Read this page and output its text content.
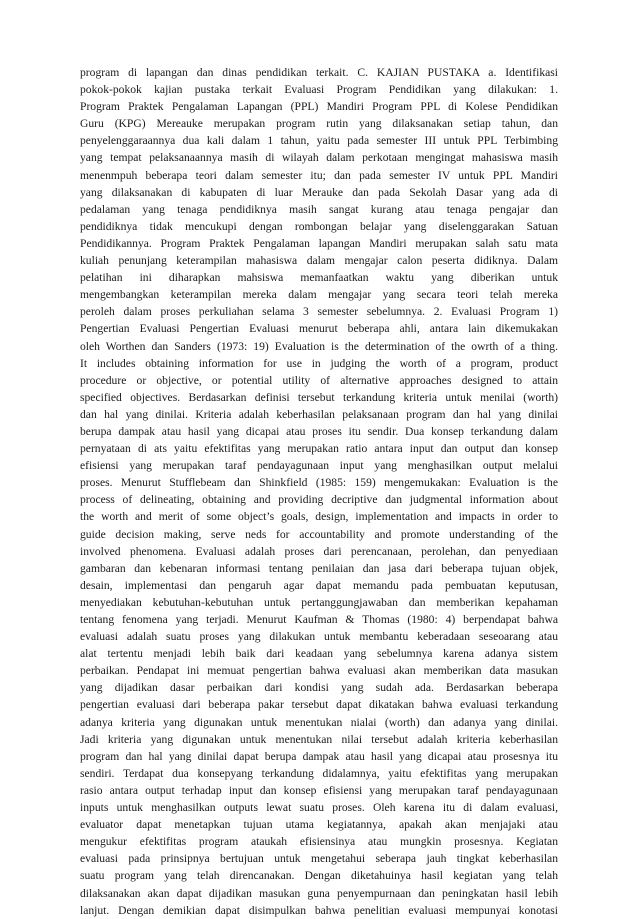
program di lapangan dan dinas pendidikan terkait. C. KAJIAN PUSTAKA a. Identifikasi
pokok-pokok kajian pustaka terkait Evaluasi Program Pendidikan yang dilakukan: 1.
Program Praktek Pengalaman Lapangan (PPL) Mandiri Program PPL di Kolese Pendidikan
Guru (KPG) Mereauke merupakan program rutin yang dilaksanakan setiap tahun, dan
penyelenggaraannya dua kali dalam 1 tahun, yaitu pada semester III untuk PPL Terbimbing
yang tempat pelaksanaannya masih di wilayah dalam perkotaan mengingat mahasiswa masih
menenmpuh beberapa teori dalam semester itu; dan pada semester IV untuk PPL Mandiri
yang dilaksanakan di kabupaten di luar Merauke dan pada Sekolah Dasar yang ada di
pedalaman yang tenaga pendidiknya masih sangat kurang atau tenaga pengajar dan
pendidiknya tidak mencukupi dengan rombongan belajar yang diselenggarakan Satuan
Pendidikannya. Program Praktek Pengalaman lapangan Mandiri merupakan salah satu mata
kuliah penunjang keterampilan mahasiswa dalam mengajar calon peserta didiknya. Dalam
pelatihan ini diharapkan mahsiswa memanfaatkan waktu yang diberikan untuk
mengembangkan keterampilan mereka dalam mengajar yang secara teori telah mereka
peroleh dalam proses perkuliahan selama 3 semester sebelumnya. 2. Evaluasi Program 1)
Pengertian Evaluasi Pengertian Evaluasi menurut beberapa ahli, antara lain dikemukakan
oleh Worthen dan Sanders (1973: 19) Evaluation is the determination of the owrth of a thing.
It includes obtaining information for use in judging the worth of a program, product
procedure or objective, or potential utility of alternative approaches designed to attain
specified objectives. Berdasarkan definisi tersebut terkandung kriteria untuk menilai (worth)
dan hal yang dinilai. Kriteria adalah keberhasilan pelaksanaan program dan hal yang dinilai
berupa dampak atau hasil yang dicapai atau proses itu sendir. Dua konsep terkandung dalam
pernyataan di ats yaitu efektifitas yang merupakan ratio antara input dan output dan konsep
efisiensi yang merupakan taraf pendayagunaan input yang menghasilkan output melalui
proses. Menurut Stufflebeam dan Shinkfield (1985: 159) mengemukakan: Evaluation is the
process of delineating, obtaining and providing decriptive dan judgmental information about
the worth and merit of some object’s goals, design, implementation and impacts in order to
guide decision making, serve neds for accountability and promote understanding of the
involved phenomena. Evaluasi adalah proses dari perencanaan, perolehan, dan penyediaan
gambaran dan kebenaran informasi tentang penilaian dan jasa dari beberapa tujuan objek,
desain, implementasi dan pengaruh agar dapat memandu pada pembuatan keputusan,
menyediakan kebutuhan-kebutuhan untuk pertanggungjawaban dan memberikan kepahaman
tentang fenomena yang terjadi. Menurut Kaufman & Thomas (1980: 4) berpendapat bahwa
evaluasi adalah suatu proses yang dilakukan untuk membantu keberadaan seseoarang atau
alat tertentu menjadi lebih baik dari keadaan yang sebelumnya karena adanya sistem
perbaikan. Pendapat ini memuat pengertian bahwa evaluasi akan memberikan data masukan
yang dijadikan dasar perbaikan dari kondisi yang sudah ada. Berdasarkan beberapa
pengertian evaluasi dari beberapa pakar tersebut dapat dikatakan bahwa evaluasi terkandung
adanya kriteria yang digunakan untuk menentukan nialai (worth) dan adanya yang dinilai.
Jadi kriteria yang digunakan untuk menentukan nilai tersebut adalah kriteria keberhasilan
program dan hal yang dinilai dapat berupa dampak atau hasil yang dicapai atau prosesnya itu
sendiri. Terdapat dua konsepyang terkandung didalamnya, yaitu efektifitas yang merupakan
rasio antara output terhadap input dan konsep efisiensi yang merupakan taraf pendayagunaan
inputs untuk menghasilkan outputs lewat suatu proses. Oleh karena itu di dalam evaluasi,
evaluator dapat menetapkan tujuan utama kegiatannya, apakah akan menjajaki atau
mengukur efektifitas program ataukah efisiensinya atau mungkin prosesnya. Kegiatan
evaluasi pada prinsipnya bertujuan untuk mengetahui seberapa jauh tingkat keberhasilan
suatu program yang telah direncanakan. Dengan diketahuinya hasil kegiatan yang telah
dilaksanakan akan dapat dijadikan masukan guna penyempurnaan dan peningkatan hasil lebih
lanjut. Dengan demikian dapat disimpulkan bahwa penelitian evaluasi mempunyai konotasi
